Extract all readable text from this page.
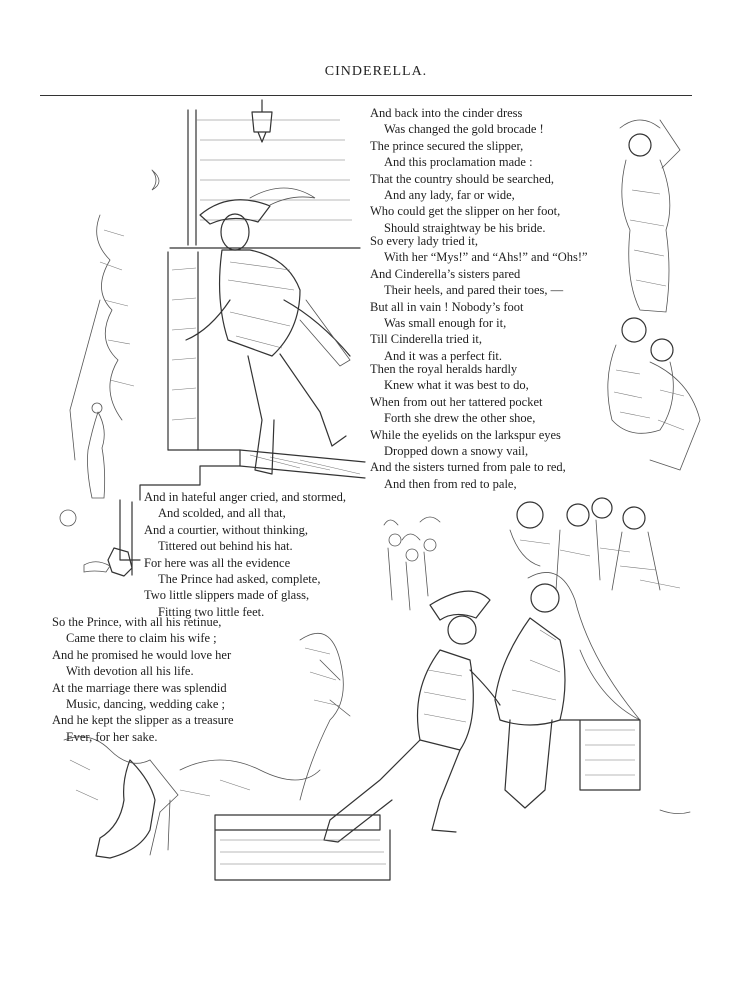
CINDERELLA.
And back into the cinder dress
Was changed the gold brocade !
The prince secured the slipper,
And this proclamation made :
That the country should be searched,
And any lady, far or wide,
Who could get the slipper on her foot,
Should straightway be his bride.
So every lady tried it,
With her “Mys!” and “Ahs!” and “Ohs!”
And Cinderella’s sisters pared
Their heels, and pared their toes, —
But all in vain ! Nobody’s foot
Was small enough for it,
Till Cinderella tried it,
And it was a perfect fit.
Then the royal heralds hardly
Knew what it was best to do,
When from out her tattered pocket
Forth she drew the other shoe,
While the eyelids on the larkspur eyes
Dropped down a snowy vail,
And the sisters turned from pale to red,
And then from red to pale,
And in hateful anger cried, and stormed,
And scolded, and all that,
And a courtier, without thinking,
Tittered out behind his hat.
For here was all the evidence
The Prince had asked, complete,
Two little slippers made of glass,
Fitting two little feet.
So the Prince, with all his retinue,
Came there to claim his wife ;
And he promised he would love her
With devotion all his life.
At the marriage there was splendid
Music, dancing, wedding cake ;
And he kept the slipper as a treasure
Ever, for her sake.
